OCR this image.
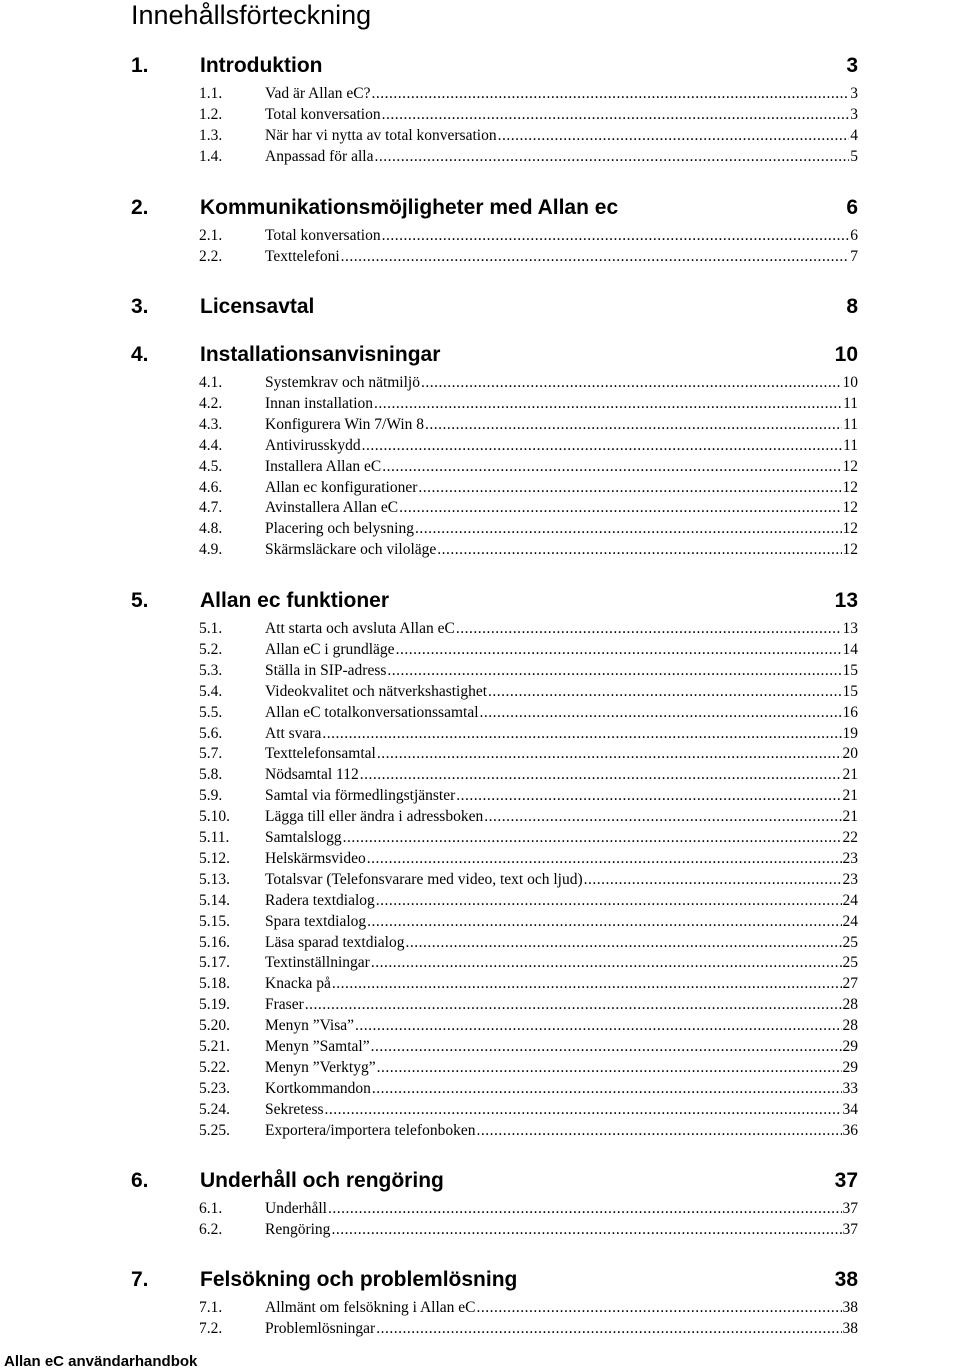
Innehållsförteckning
1. Introduktion	3
1.1.	Vad är Allan eC? .....	3
1.2.	Total konversation .....	3
1.3.	När har vi nytta av total konversation .....	4
1.4.	Anpassad för alla .....	5
2. Kommunikationsmöjligheter med Allan ec	6
2.1.	Total konversation .....	6
2.2.	Texttelefoni .....	7
3. Licensavtal	8
4. Installationsanvisningar	10
4.1.	Systemkrav och nätmiljö .....	10
4.2.	Innan installation .....	11
4.3.	Konfigurera Win 7/Win 8 .....	11
4.4.	Antivirusskydd .....	11
4.5.	Installera Allan eC .....	12
4.6.	Allan ec konfigurationer .....	12
4.7.	Avinstallera Allan eC .....	12
4.8.	Placering och belysning .....	12
4.9.	Skärmsläckare och viloläge .....	12
5. Allan ec funktioner	13
5.1.	Att starta och avsluta Allan eC .....	13
5.2.	Allan eC i grundläge .....	14
5.3.	Ställa in SIP-adress .....	15
5.4.	Videokvalitet och nätverkshastighet .....	15
5.5.	Allan eC totalkonversationssamtal .....	16
5.6.	Att svara .....	19
5.7.	Texttelefonsamtal .....	20
5.8.	Nödsamtal 112 .....	21
5.9.	Samtal via förmedlingstjänster .....	21
5.10.	Lägga till eller ändra i adressboken .....	21
5.11.	Samtalslogg .....	22
5.12.	Helskärmsvideo .....	23
5.13.	Totalsvar (Telefonsvarare med video, text och ljud) .....	23
5.14.	Radera textdialog .....	24
5.15.	Spara textdialog .....	24
5.16.	Läsa sparad textdialog .....	25
5.17.	Textinställningar .....	25
5.18.	Knacka på .....	27
5.19.	Fraser .....	28
5.20.	Menyn ”Visa” .....	28
5.21.	Menyn ”Samtal” .....	29
5.22.	Menyn ”Verktyg” .....	29
5.23.	Kortkommandon .....	33
5.24.	Sekretess .....	34
5.25.	Exportera/importera telefonboken .....	36
6. Underhåll och rengöring	37
6.1.	Underhåll .....	37
6.2.	Rengöring .....	37
7. Felsökning och problemlösning	38
7.1.	Allmänt om felsökning i Allan eC .....	38
7.2.	Problemlösningar .....	38
Allan eC användarhandbok
